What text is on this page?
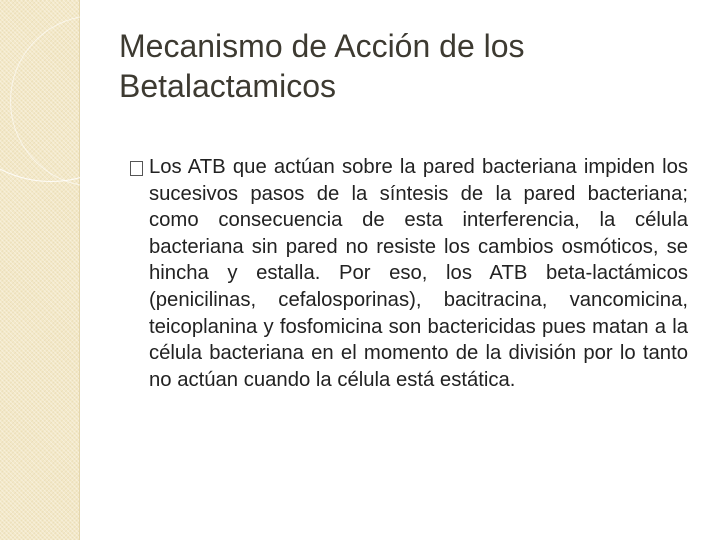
Mecanismo de Acción de los Betalactamicos

Los ATB que actúan sobre la pared bacteriana impiden los sucesivos pasos de la síntesis de la pared bacteriana; como consecuencia de esta interferencia, la célula bacteriana sin pared no resiste los cambios osmóticos, se hincha y estalla. Por eso, los ATB beta-lactámicos (penicilinas, cefalosporinas), bacitracina, vancomicina, teicoplanina y fosfomicina son bactericidas pues matan a la célula bacteriana en el momento de la división por lo tanto no actúan cuando la célula está estática.
